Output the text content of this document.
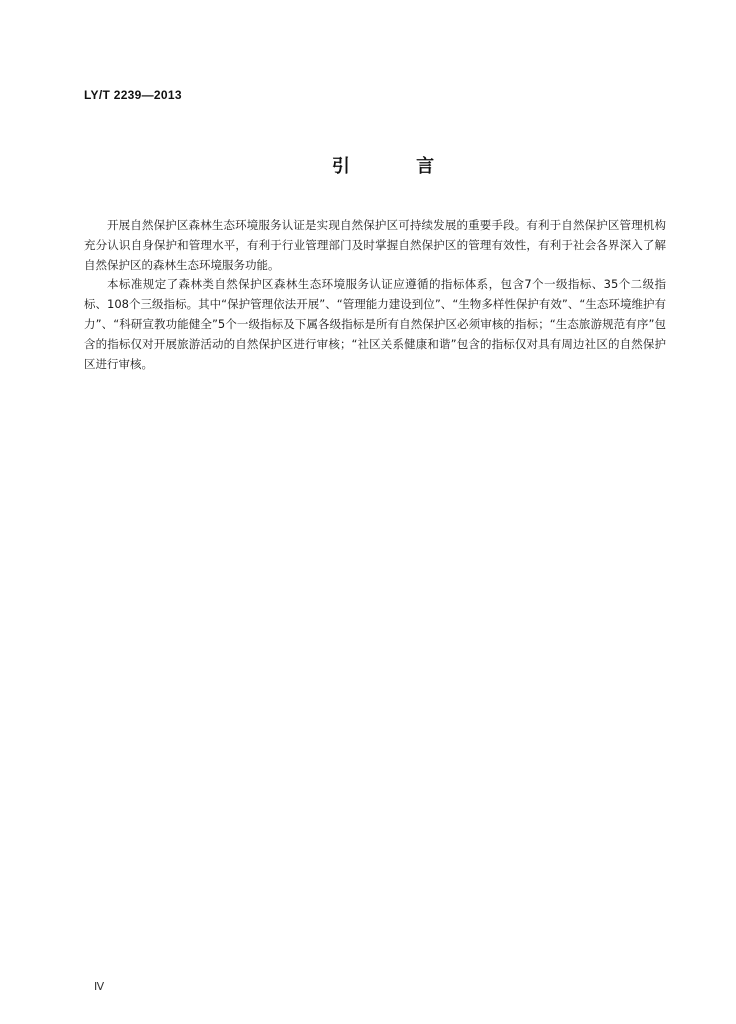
LY/T 2239—2013
引 言

开展自然保护区森林生态环境服务认证是实现自然保护区可持续发展的重要手段。有利于自然保护区管理机构充分认识自身保护和管理水平，有利于行业管理部门及时掌握自然保护区的管理有效性，有利于社会各界深入了解自然保护区的森林生态环境服务功能。

本标准规定了森林类自然保护区森林生态环境服务认证应遵循的指标体系，包含7个一级指标、35个二级指标、108个三级指标。其中“保护管理依法开展”、“管理能力建设到位”、“生物多样性保护有效”、“生态环境维护有力”、“科研宣教功能健全”5个一级指标及下属各级指标是所有自然保护区必须审核的指标；“生态旅游规范有序”包含的指标仅对开展旅游活动的自然保护区进行审核；“社区关系健康和谐”包含的指标仅对具有周边社区的自然保护区进行审核。

Ⅳ
